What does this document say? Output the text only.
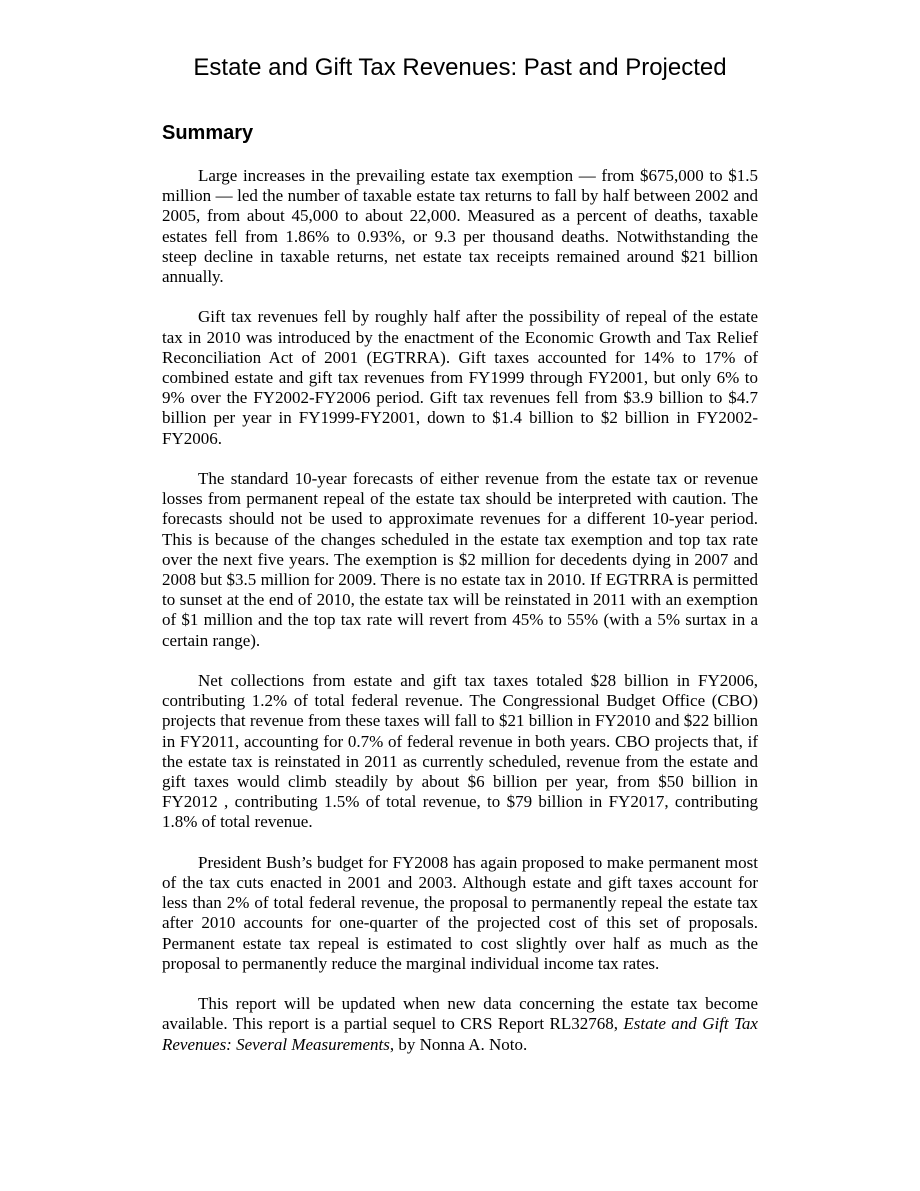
Estate and Gift Tax Revenues: Past and Projected
Summary

Large increases in the prevailing estate tax exemption — from $675,000 to $1.5 million — led the number of taxable estate tax returns to fall by half between 2002 and 2005, from about 45,000 to about 22,000. Measured as a percent of deaths, taxable estates fell from 1.86% to 0.93%, or 9.3 per thousand deaths. Notwithstanding the steep decline in taxable returns, net estate tax receipts remained around $21 billion annually.

Gift tax revenues fell by roughly half after the possibility of repeal of the estate tax in 2010 was introduced by the enactment of the Economic Growth and Tax Relief Reconciliation Act of 2001 (EGTRRA). Gift taxes accounted for 14% to 17% of combined estate and gift tax revenues from FY1999 through FY2001, but only 6% to 9% over the FY2002-FY2006 period. Gift tax revenues fell from $3.9 billion to $4.7 billion per year in FY1999-FY2001, down to $1.4 billion to $2 billion in FY2002-FY2006.

The standard 10-year forecasts of either revenue from the estate tax or revenue losses from permanent repeal of the estate tax should be interpreted with caution. The forecasts should not be used to approximate revenues for a different 10-year period. This is because of the changes scheduled in the estate tax exemption and top tax rate over the next five years. The exemption is $2 million for decedents dying in 2007 and 2008 but $3.5 million for 2009. There is no estate tax in 2010. If EGTRRA is permitted to sunset at the end of 2010, the estate tax will be reinstated in 2011 with an exemption of $1 million and the top tax rate will revert from 45% to 55% (with a 5% surtax in a certain range).

Net collections from estate and gift tax taxes totaled $28 billion in FY2006, contributing 1.2% of total federal revenue. The Congressional Budget Office (CBO) projects that revenue from these taxes will fall to $21 billion in FY2010 and $22 billion in FY2011, accounting for 0.7% of federal revenue in both years. CBO projects that, if the estate tax is reinstated in 2011 as currently scheduled, revenue from the estate and gift taxes would climb steadily by about $6 billion per year, from $50 billion in FY2012 , contributing 1.5% of total revenue, to $79 billion in FY2017, contributing 1.8% of total revenue.

President Bush’s budget for FY2008 has again proposed to make permanent most of the tax cuts enacted in 2001 and 2003. Although estate and gift taxes account for less than 2% of total federal revenue, the proposal to permanently repeal the estate tax after 2010 accounts for one-quarter of the projected cost of this set of proposals. Permanent estate tax repeal is estimated to cost slightly over half as much as the proposal to permanently reduce the marginal individual income tax rates.

This report will be updated when new data concerning the estate tax become available. This report is a partial sequel to CRS Report RL32768, Estate and Gift Tax Revenues: Several Measurements, by Nonna A. Noto.
